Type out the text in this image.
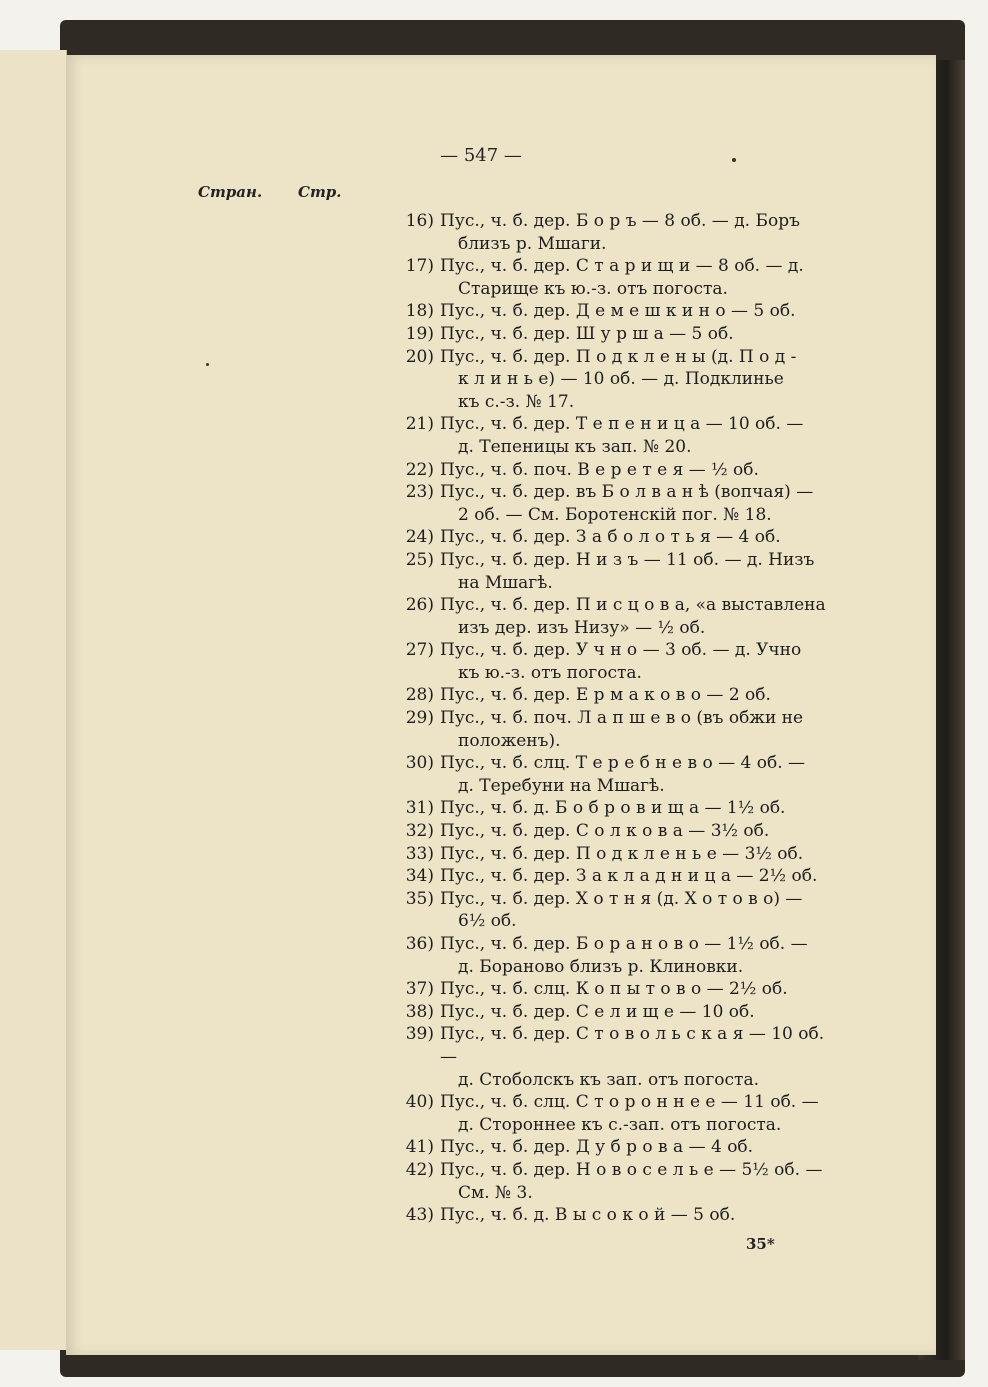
— 547 —
Стран. Стр.
16) Пус., ч. б. дер. Б о р ъ — 8 об. — д. Боръ
близъ р. Мшаги.
17) Пус., ч. б. дер. С т а р и щ и — 8 об. — д.
Старище къ ю.-з. отъ погоста.
18) Пус., ч. б. дер. Д е м е ш к и н о — 5 об.
19) Пус., ч. б. дер. Ш у р ш а — 5 об.
20) Пус., ч. б. дер. П о д к л е н ы (д. П о д -
к л и н ь е) — 10 об. — д. Подклинье
къ с.-з. № 17.
21) Пус., ч. б. дер. Т е п е н и ц а — 10 об. —
д. Тепеницы къ зап. № 20.
22) Пус., ч. б. поч. В е р е т е я — ½ об.
23) Пус., ч. б. дер. въ Б о л в а н ѣ (вопчая) —
2 об. — См. Боротенскій пог. № 18.
24) Пус., ч. б. дер. З а б о л о т ь я — 4 об.
25) Пус., ч. б. дер. Н и з ъ — 11 об. — д. Низъ
на Мшагѣ.
26) Пус., ч. б. дер. П и с ц о в а, «а выставлена
изъ дер. изъ Низу» — ½ об.
27) Пус., ч. б. дер. У ч н о — 3 об. — д. Учно
къ ю.-з. отъ погоста.
28) Пус., ч. б. дер. Е р м а к о в о — 2 об.
29) Пус., ч. б. поч. Л а п ш е в о (въ обжи не
положенъ).
30) Пус., ч. б. слц. Т е р е б н е в о — 4 об. —
д. Теребуни на Мшагѣ.
31) Пус., ч. б. д. Б о б р о в и щ а — 1½ об.
32) Пус., ч. б. дер. С о л к о в а — 3½ об.
33) Пус., ч. б. дер. П о д к л е н ь е — 3½ об.
34) Пус., ч. б. дер. З а к л а д н и ц а — 2½ об.
35) Пус., ч. б. дер. Х о т н я (д. Х о т о в о) —
6½ об.
36) Пус., ч. б. дер. Б о р а н о в о — 1½ об. —
д. Бораново близъ р. Клиновки.
37) Пус., ч. б. слц. К о п ы т о в о — 2½ об.
38) Пус., ч. б. дер. С е л и щ е — 10 об.
39) Пус., ч. б. дер. С т о в о л ь с к а я — 10 об. —
д. Стоболскъ къ зап. отъ погоста.
40) Пус., ч. б. слц. С т о р о н н е е — 11 об. —
д. Стороннее къ с.-зап. отъ погоста.
41) Пус., ч. б. дер. Д у б р о в а — 4 об.
42) Пус., ч. б. дер. Н о в о с е л ь е — 5½ об. —
См. № 3.
43) Пус., ч. б. д. В ы с о к о й — 5 об.
35*
